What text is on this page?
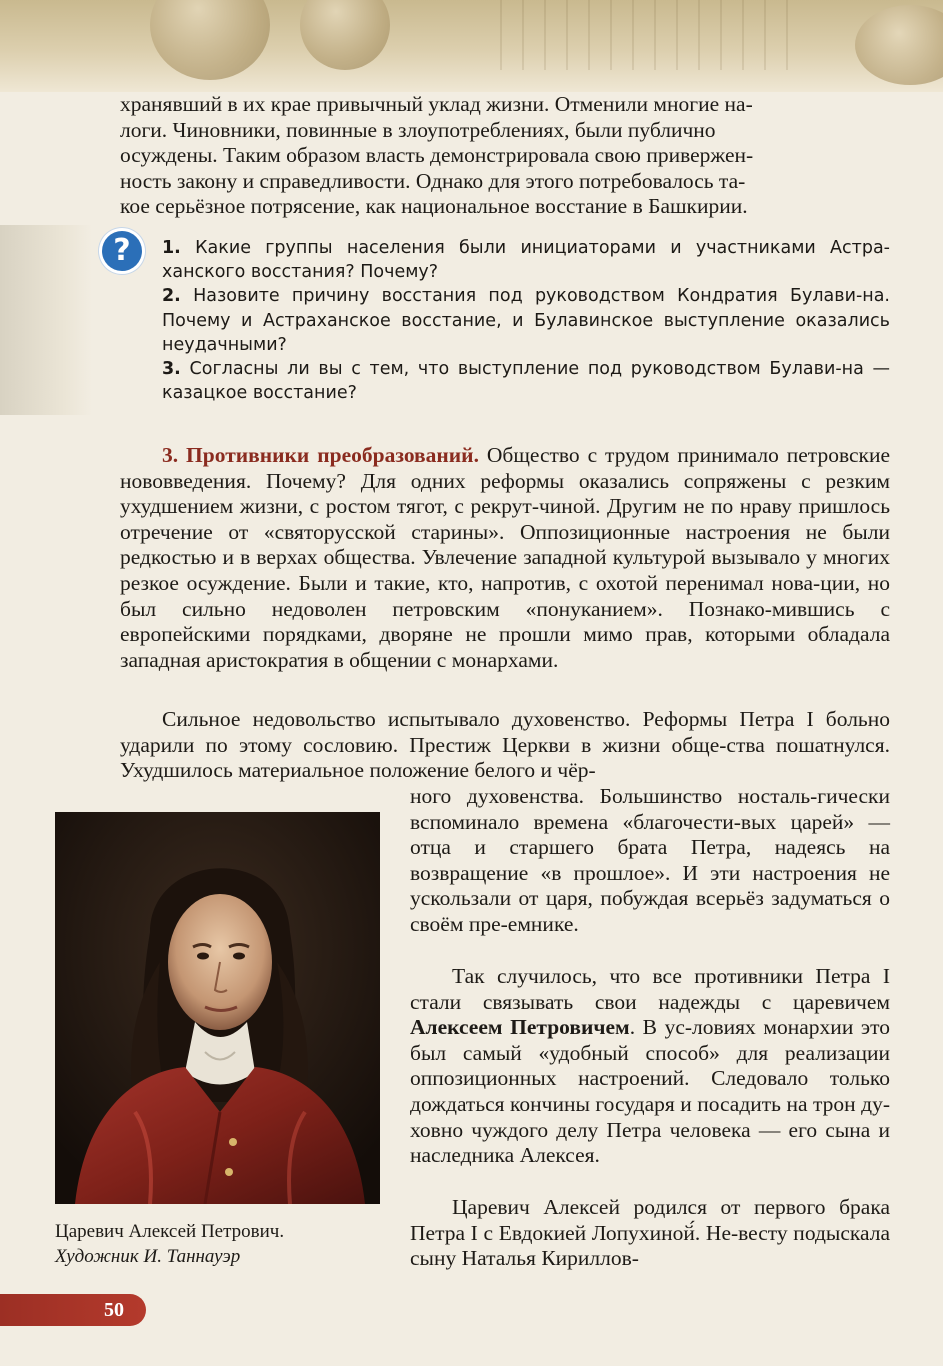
хранявший в их крае привычный уклад жизни. Отменили многие на-
логи. Чиновники, повинные в злоупотреблениях, были публично
осуждены. Таким образом власть демонстрировала свою привержен-
ность закону и справедливости. Однако для этого потребовалось та-
кое серьёзное потрясение, как национальное восстание в Башкирии.
?	1. Какие группы населения были инициаторами и участниками Астра-ханского восстания? Почему?

2. Назовите причину восстания под руководством Кондратия Булави-на. Почему и Астраханское восстание, и Булавинское выступление оказались неудачными?

3. Согласны ли вы с тем, что выступление под руководством Булави-на — казацкое восстание?

3. Противники преобразований. Общество с трудом принимало петровские нововведения. Почему? Для одних реформы оказались сопряжены с резким ухудшением жизни, с ростом тягот, с рекрут-чиной. Другим не по нраву пришлось отречение от «святорусской старины». Оппозиционные настроения не были редкостью и в верхах общества. Увлечение западной культурой вызывало у многих резкое осуждение. Были и такие, кто, напротив, с охотой перенимал нова-ции, но был сильно недоволен петровским «понуканием». Познако-мившись с европейскими порядками, дворяне не прошли мимо прав, которыми обладала западная аристократия в общении с монархами.

Сильное недовольство испытывало духовенство. Реформы Петра I больно ударили по этому сословию. Престиж Церкви в жизни обще-ства пошатнулся. Ухудшилось материальное положение белого и чёр-

ного духовенства. Большинство носталь-гически вспоминало времена «благочести-вых царей» — отца и старшего брата Петра, надеясь на возвращение «в прошлое». И эти настроения не ускользали от царя, побуждая всерьёз задуматься о своём пре-емнике.

Так случилось, что все противники Петра I стали связывать свои надежды с царевичем Алексеем Петровичем. В ус-ловиях монархии это был самый «удобный способ» для реализации оппозиционных настроений. Следовало только дождаться кончины государя и посадить на трон ду-ховно чуждого делу Петра человека — его сына и наследника Алексея.

Царевич Алексей родился от первого брака Петра I с Евдокией Лопухиной́. Не-весту подыскала сыну Наталья Кириллов-

Царевич Алексей Петрович.
Художник И. Таннауэр
50
